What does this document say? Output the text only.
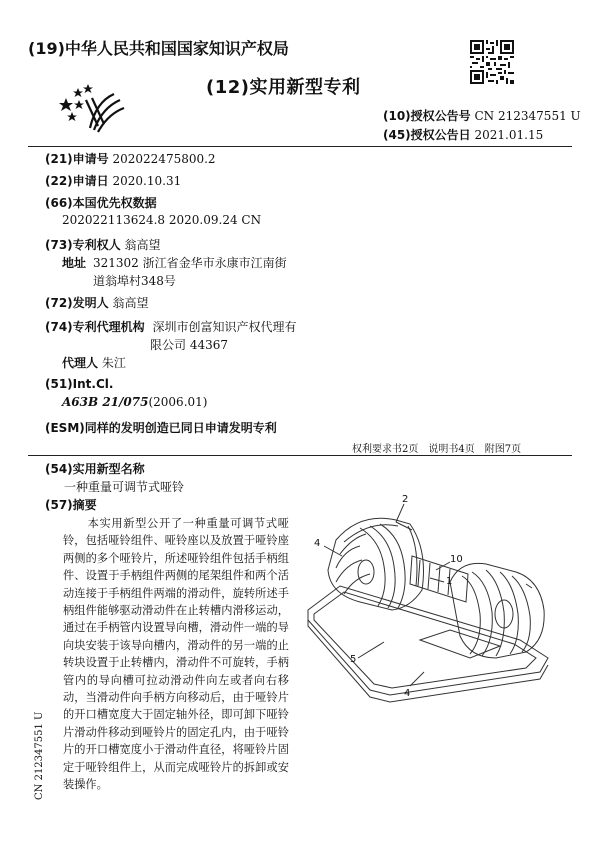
(19)中华人民共和国国家知识产权局
(12)实用新型专利
(10)授权公告号 CN 212347551 U
(45)授权公告日 2021.01.15
(21)申请号 202022475800.2
(22)申请日 2020.10.31
(66)本国优先权数据
202022113624.8 2020.09.24 CN
(73)专利权人 翁高望
地址 321302 浙江省金华市永康市江南街
道翁埠村348号
(72)发明人 翁高望
(74)专利代理机构 深圳市创富知识产权代理有
限公司 44367
代理人 朱江
(51)Int.Cl.
A63B 21/075(2006.01)
(ESM)同样的发明创造已同日申请发明专利
权利要求书2页　说明书4页　附图7页
(54)实用新型名称
一种重量可调节式哑铃
(57)摘要

本实用新型公开了一种重量可调节式哑铃，包括哑铃组件、哑铃座以及放置于哑铃座两侧的多个哑铃片，所述哑铃组件包括手柄组件、设置于手柄组件两侧的尾架组件和两个活动连接于手柄组件两端的滑动件，旋转所述手柄组件能够驱动滑动件在止转槽内滑移运动，通过在手柄管内设置导向槽，滑动件一端的导向块安装于该导向槽内，滑动件的另一端的止转块设置于止转槽内，滑动件不可旋转，手柄管内的导向槽可拉动滑动件向左或者向右移动，当滑动件向手柄方向移动后，由于哑铃片的开口槽宽度大于固定轴外径，即可卸下哑铃片滑动件移动到哑铃片的固定孔内，由于哑铃片的开口槽宽度小于滑动件直径，将哑铃片固定于哑铃组件上，从而完成哑铃片的拆卸或安装操作。

2
4
10
1
5
4
CN 212347551 U
